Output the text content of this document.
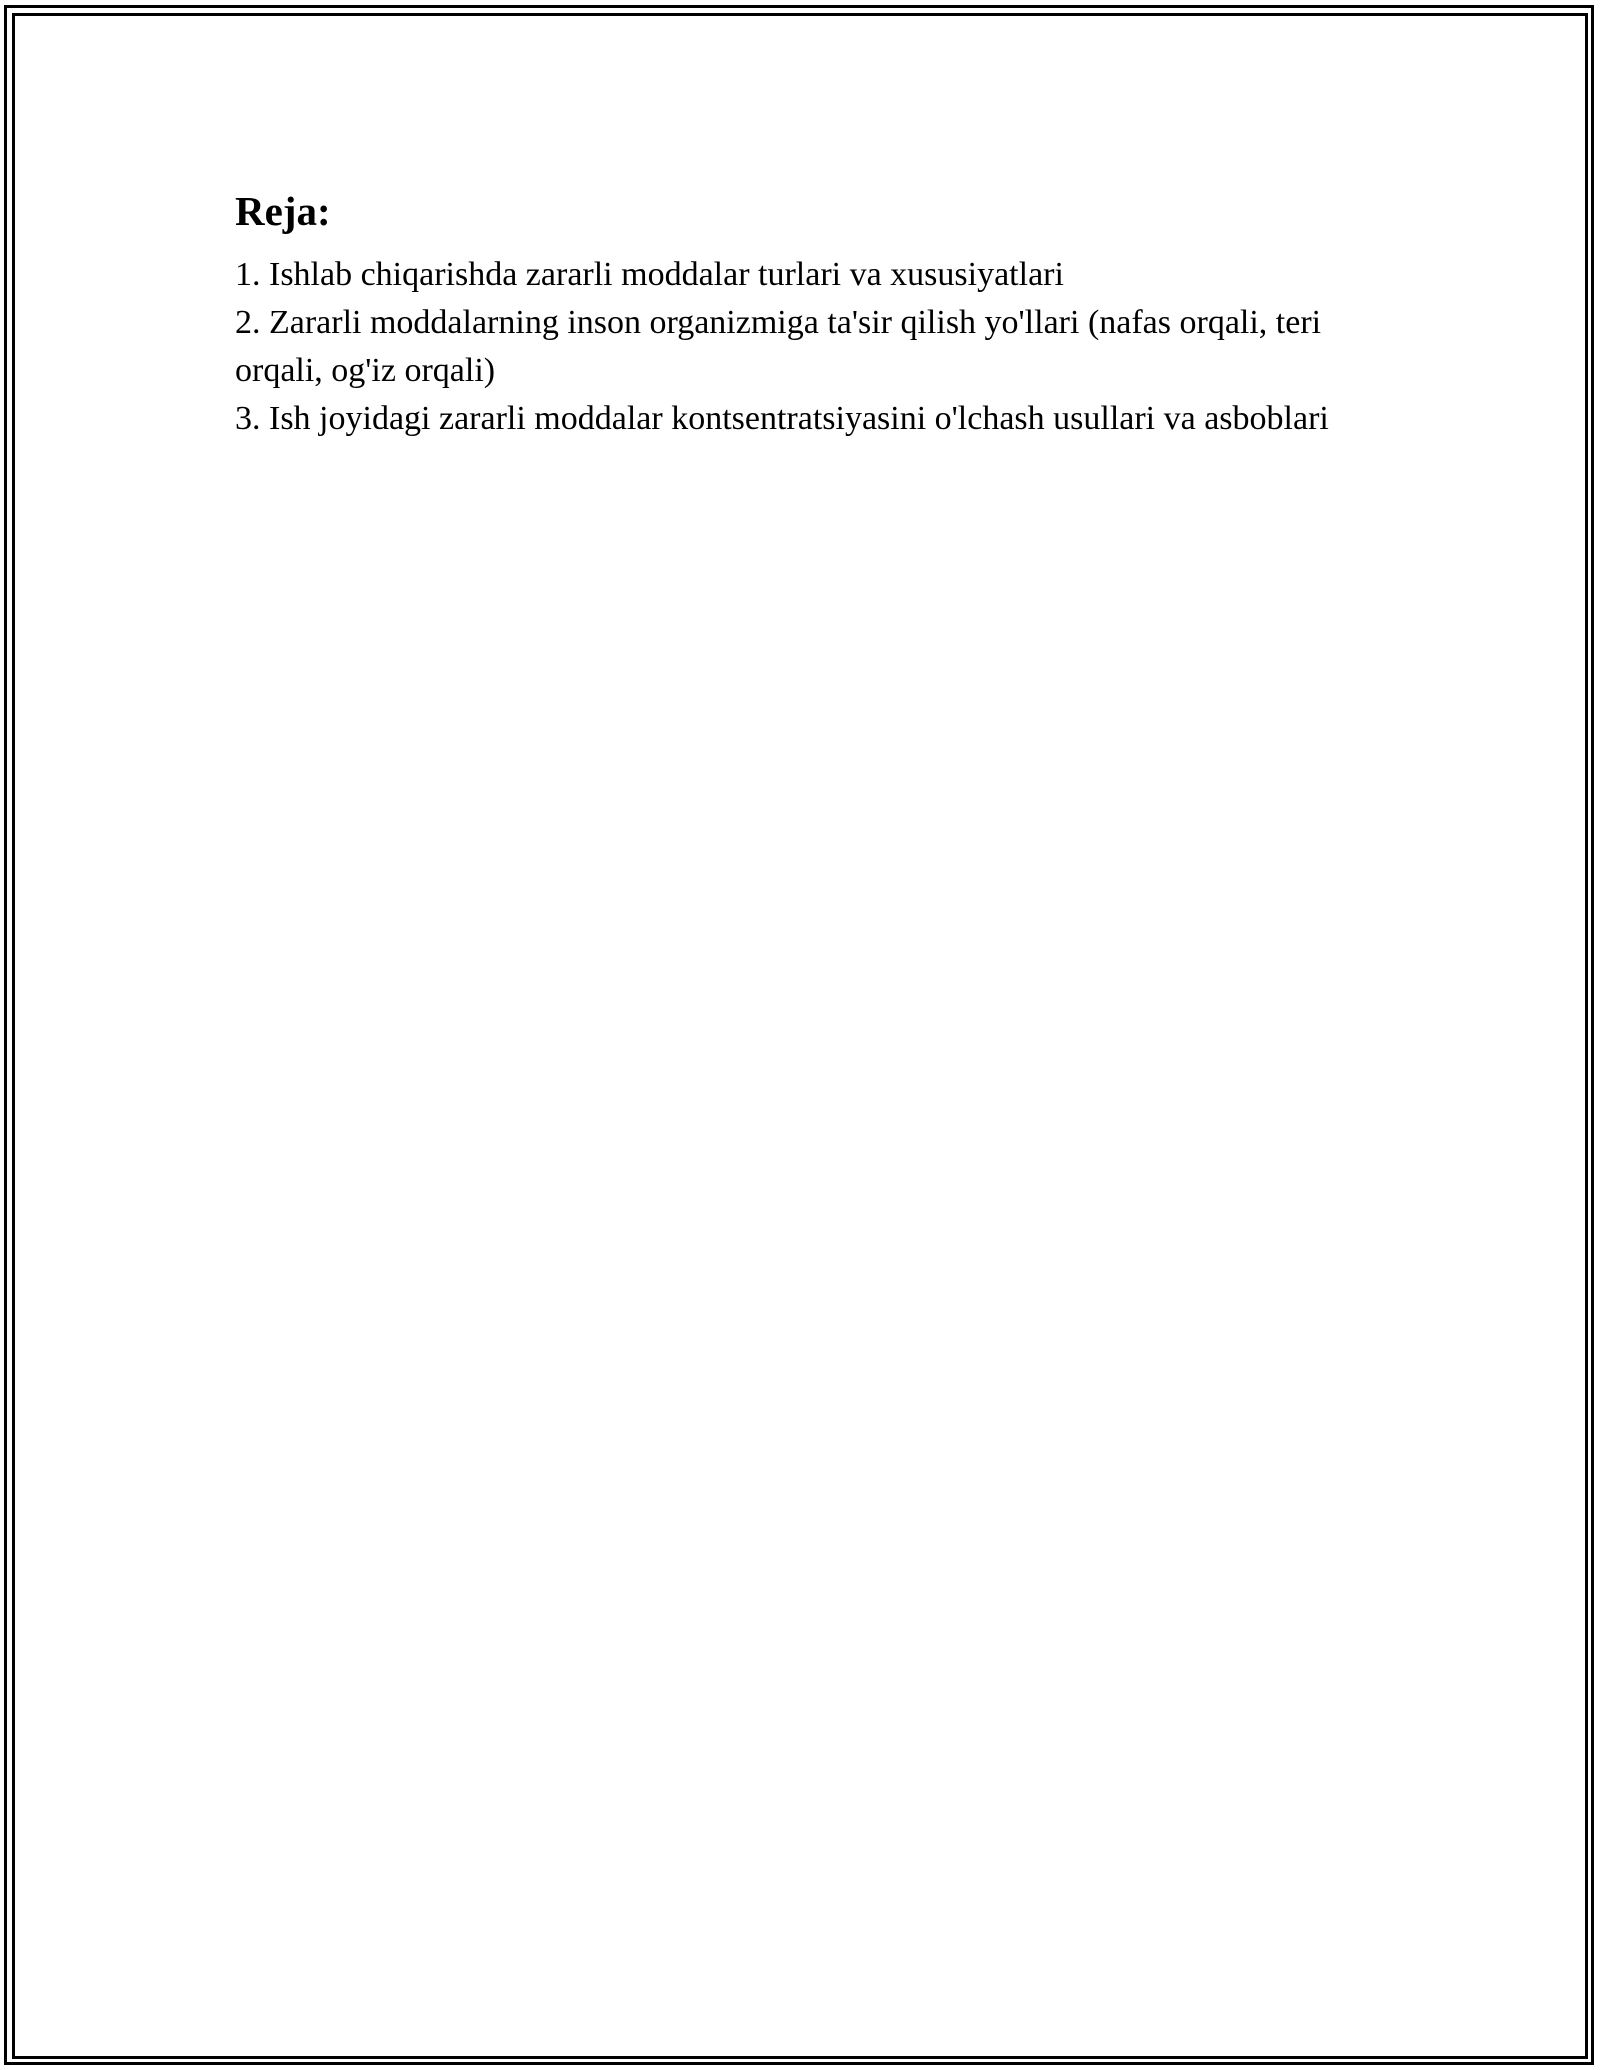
Reja:
1. Ishlab chiqarishda zararli moddalar turlari va xususiyatlari
2. Zararli moddalarning inson organizmiga ta'sir qilish yo'llari (nafas orqali, teri orqali, og'iz orqali)
3. Ish joyidagi zararli moddalar kontsentratsiyasini o'lchash usullari va asboblari
